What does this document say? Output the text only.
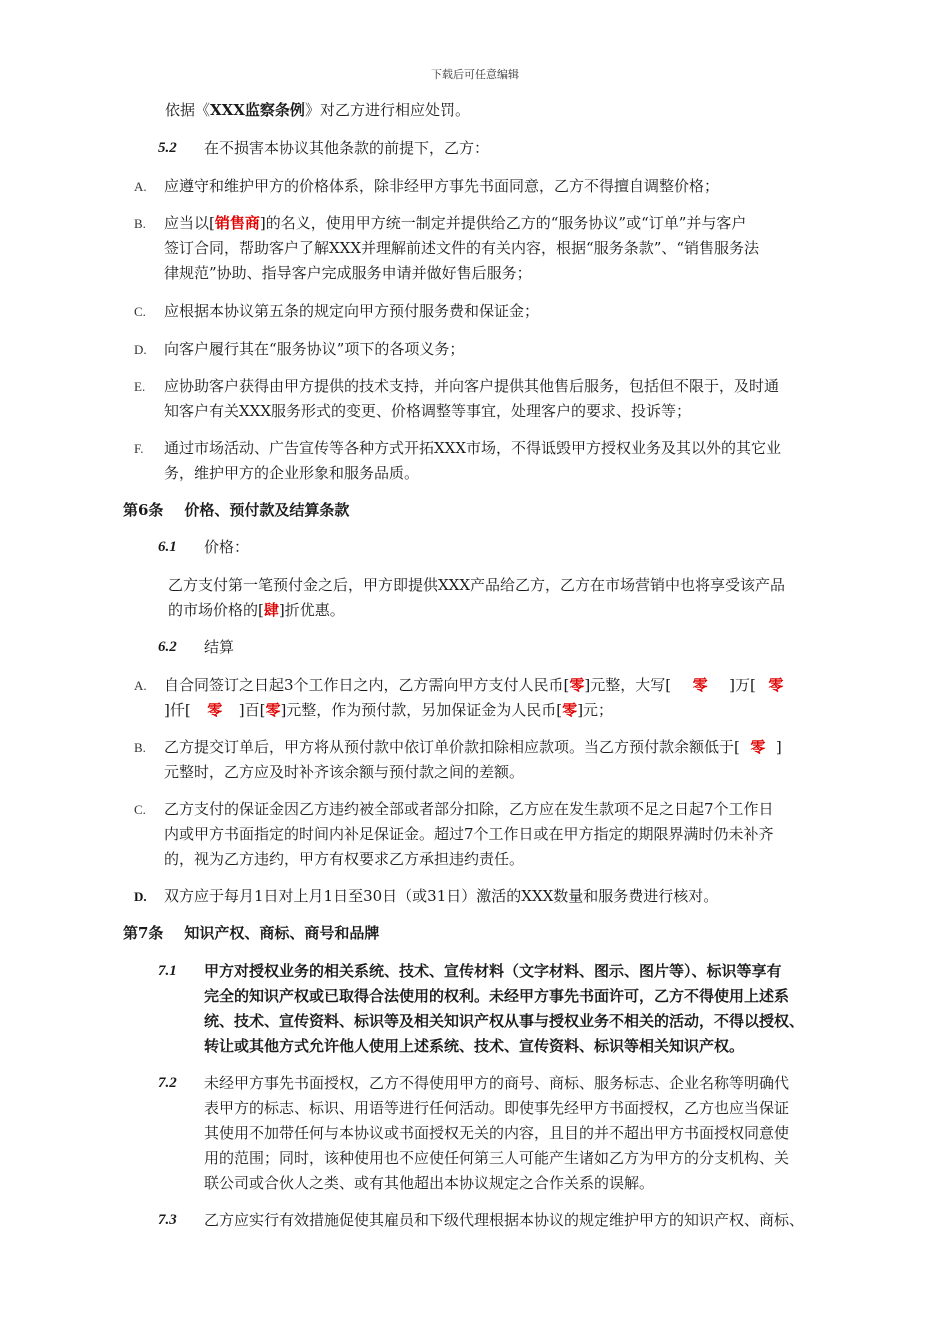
下载后可任意编辑
依据《XXX监察条例》对乙方进行相应处罚。
5.2 在不损害本协议其他条款的前提下，乙方：
A. 应遵守和维护甲方的价格体系，除非经甲方事先书面同意，乙方不得擅自调整价格；
B. 应当以[销售商]的名义，使用甲方统一制定并提供给乙方的“服务协议”或“订单”并与客户
签订合同，帮助客户了解XXX并理解前述文件的有关内容，根据“服务条款”、“销售服务法
律规范”协助、指导客户完成服务申请并做好售后服务；
C. 应根据本协议第五条的规定向甲方预付服务费和保证金；
D. 向客户履行其在“服务协议”项下的各项义务；
E. 应协助客户获得由甲方提供的技术支持，并向客户提供其他售后服务，包括但不限于，及时通
知客户有关XXX服务形式的变更、价格调整等事宜，处理客户的要求、投诉等；
F. 通过市场活动、广告宣传等各种方式开拓XXX市场，不得诋毁甲方授权业务及其以外的其它业
务，维护甲方的企业形象和服务品质。
第6条    价格、预付款及结算条款
6.1 价格：
乙方支付第一笔预付金之后，甲方即提供XXX产品给乙方，乙方在市场营销中也将享受该产品
的市场价格的[肆]折优惠。
6.2 结算
A. 自合同签订之日起3个工作日之内，乙方需向甲方支付人民币[零]元整，大写[ 零 ]万[ 零
]仟[ 零 ]百[零]元整，作为预付款，另加保证金为人民币[零]元；
B. 乙方提交订单后，甲方将从预付款中依订单价款扣除相应款项。当乙方预付款余额低于[ 零 ]
元整时，乙方应及时补齐该余额与预付款之间的差额。
C. 乙方支付的保证金因乙方违约被全部或者部分扣除，乙方应在发生款项不足之日起7个工作日
内或甲方书面指定的时间内补足保证金。超过7个工作日或在甲方指定的期限界满时仍未补齐
的，视为乙方违约，甲方有权要求乙方承担违约责任。
D. 双方应于每月1日对上月1日至30日（或31日）激活的XXX数量和服务费进行核对。
第7条    知识产权、商标、商号和品牌
7.1 甲方对授权业务的相关系统、技术、宣传材料（文字材料、图示、图片等）、标识等享有
完全的知识产权或已取得合法使用的权利。未经甲方事先书面许可，乙方不得使用上述系
统、技术、宣传资料、标识等及相关知识产权从事与授权业务不相关的活动，不得以授权、
转让或其他方式允许他人使用上述系统、技术、宣传资料、标识等相关知识产权。
7.2 未经甲方事先书面授权，乙方不得使用甲方的商号、商标、服务标志、企业名称等明确代
表甲方的标志、标识、用语等进行任何活动。即使事先经甲方书面授权，乙方也应当保证
其使用不加带任何与本协议或书面授权无关的内容，且目的并不超出甲方书面授权同意使
用的范围；同时，该种使用也不应使任何第三人可能产生诸如乙方为甲方的分支机构、关
联公司或合伙人之类、或有其他超出本协议规定之合作关系的误解。
7.3 乙方应实行有效措施促使其雇员和下级代理根据本协议的规定维护甲方的知识产权、商标、
